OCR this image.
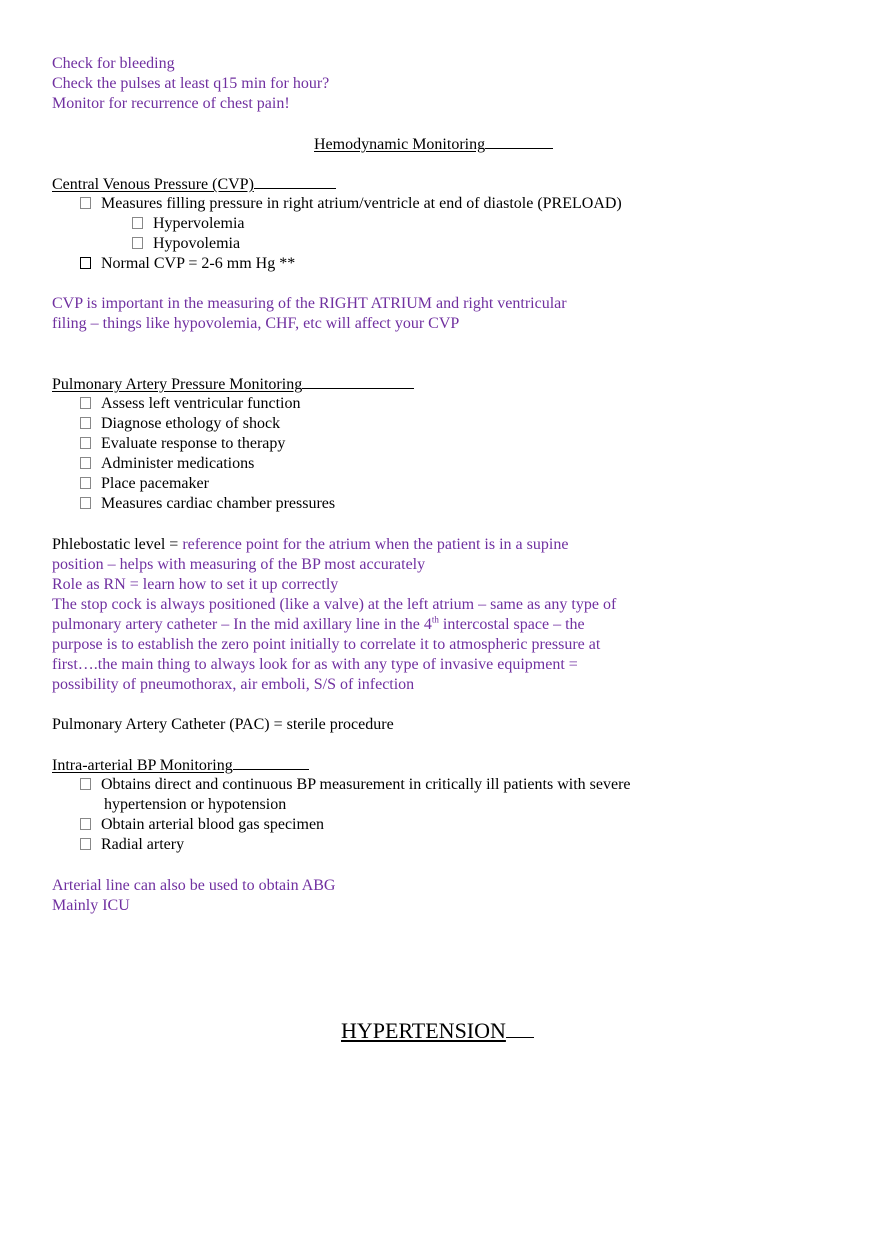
Check for bleeding
Check the pulses at least q15 min for hour?
Monitor for recurrence of chest pain!
Hemodynamic Monitoring
Central Venous Pressure (CVP)
Measures filling pressure in right atrium/ventricle at end of diastole (PRELOAD)
Hypervolemia
Hypovolemia
Normal CVP = 2-6 mm Hg **
CVP is important in the measuring of the RIGHT ATRIUM and right ventricular
filing – things like hypovolemia, CHF, etc will affect your CVP
Pulmonary Artery Pressure Monitoring
Assess left ventricular function
Diagnose ethology of shock
Evaluate response to therapy
Administer medications
Place pacemaker
Measures cardiac chamber pressures
Phlebostatic level = reference point for the atrium when the patient is in a supine
position – helps with measuring of the BP most accurately
Role as RN = learn how to set it up correctly
The stop cock is always positioned (like a valve) at the left atrium – same as any type of
pulmonary artery catheter – In the mid axillary line in the 4th intercostal space – the
purpose is to establish the zero point initially to correlate it to atmospheric pressure at
first….the main thing to always look for as with any type of invasive equipment =
possibility of pneumothorax, air emboli, S/S of infection
Pulmonary Artery Catheter (PAC) = sterile procedure
Intra-arterial BP Monitoring
Obtains direct and continuous BP measurement in critically ill patients with severe
hypertension or hypotension
Obtain arterial blood gas specimen
Radial artery
Arterial line can also be used to obtain ABG
Mainly ICU
HYPERTENSION
